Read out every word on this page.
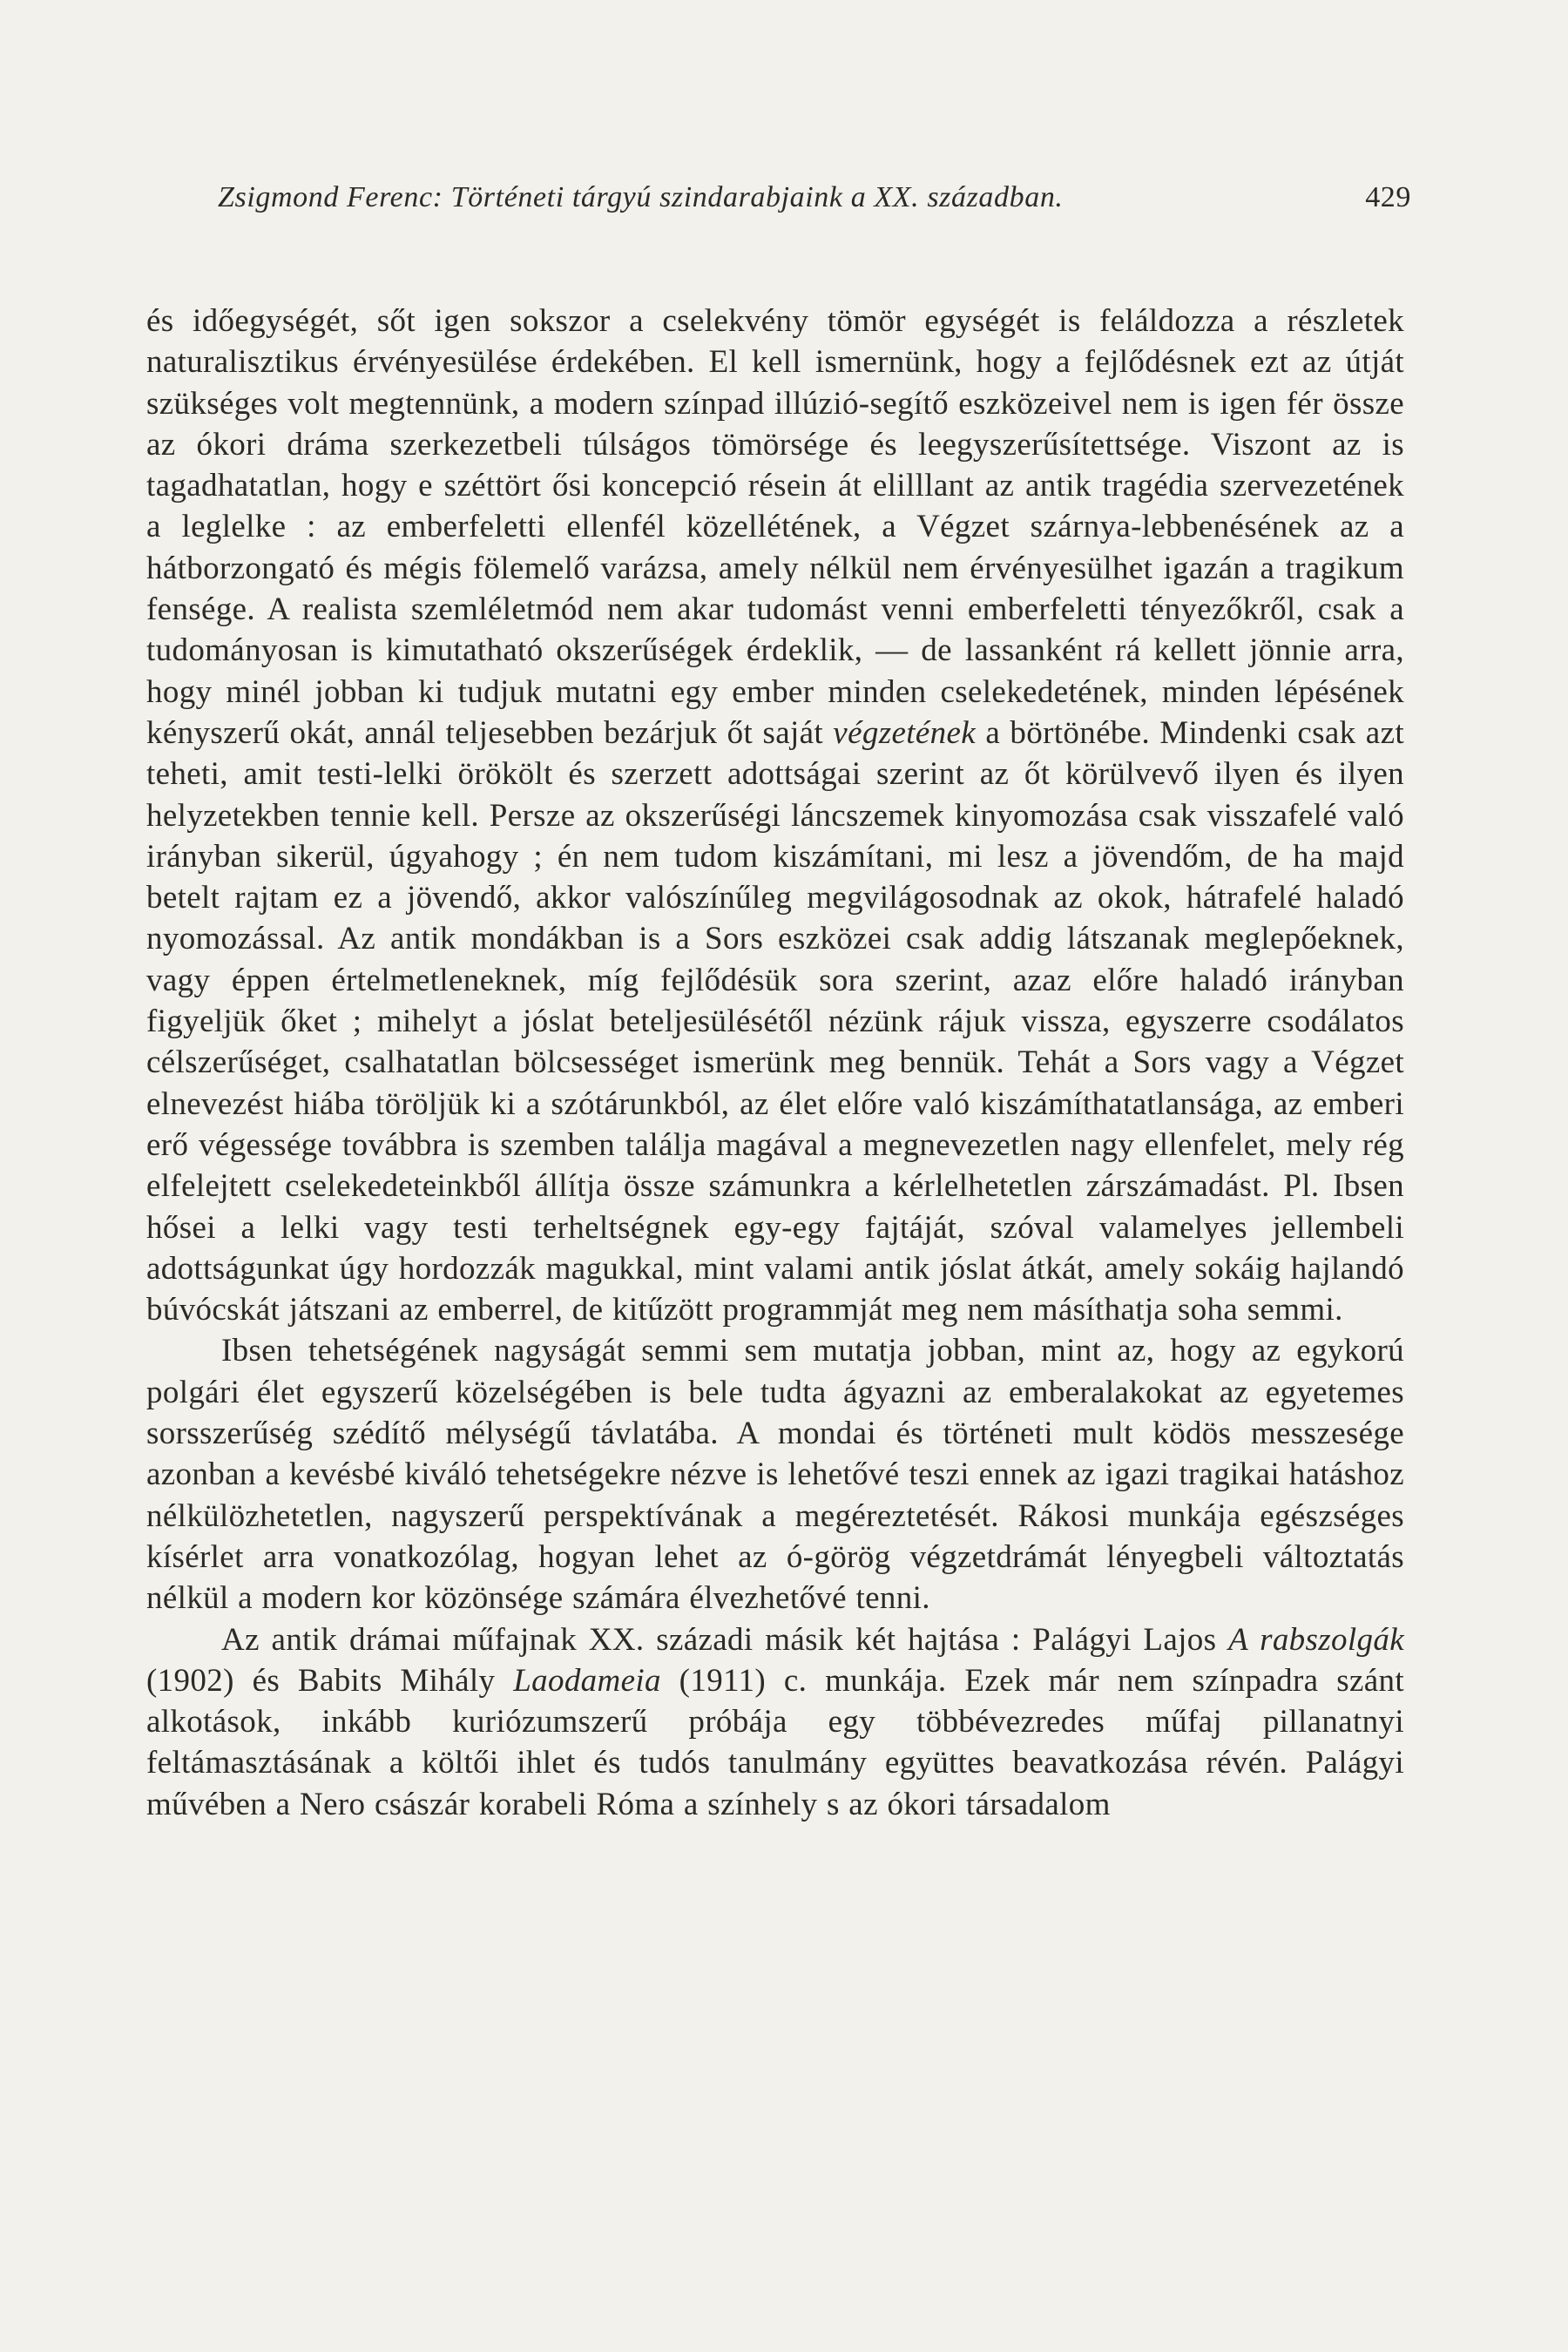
Zsigmond Ferenc: Történeti tárgyú szindarabjaink a XX. században.	429

és időegységét, sőt igen sokszor a cselekvény tömör egységét is feláldozza a részletek naturalisztikus érvényesülése érdekében. El kell ismernünk, hogy a fejlődésnek ezt az útját szükséges volt megtennünk, a modern színpad illúzió-segítő eszközeivel nem is igen fér össze az ókori dráma szerkezetbeli túlságos tömörsége és leegyszerűsítettsége. Viszont az is tagadhatatlan, hogy e széttört ősi koncepció résein át elilllant az antik tragédia szervezetének a leglelke : az emberfeletti ellenfél közellétének, a Végzet szárnya-lebbenésének az a hátborzongató és mégis fölemelő varázsa, amely nélkül nem érvényesülhet igazán a tragikum fensége. A realista szemléletmód nem akar tudomást venni emberfeletti tényezőkről, csak a tudományosan is kimutatható okszerűségek érdeklik, — de lassanként rá kellett jönnie arra, hogy minél jobban ki tudjuk mutatni egy ember minden cselekedetének, minden lépésének kényszerű okát, annál teljesebben bezárjuk őt saját végzetének a börtönébe. Mindenki csak azt teheti, amit testi-lelki örökölt és szerzett adottságai szerint az őt körülvevő ilyen és ilyen helyzetekben tennie kell. Persze az okszerűségi láncszemek kinyomozása csak visszafelé való irányban sikerül, úgyahogy ; én nem tudom kiszámítani, mi lesz a jövendőm, de ha majd betelt rajtam ez a jövendő, akkor valószínűleg megvilágosodnak az okok, hátrafelé haladó nyomozással. Az antik mondákban is a Sors eszközei csak addig látszanak meglepőeknek, vagy éppen értelmetleneknek, míg fejlődésük sora szerint, azaz előre haladó irányban figyeljük őket ; mihelyt a jóslat beteljesülésétől nézünk rájuk vissza, egyszerre csodálatos célszerűséget, csalhatatlan bölcsességet ismerünk meg bennük. Tehát a Sors vagy a Végzet elnevezést hiába töröljük ki a szótárunkból, az élet előre való kiszámíthatatlansága, az emberi erő végessége továbbra is szemben találja magával a megnevezetlen nagy ellenfelet, mely rég elfelejtett cselekedeteinkből állítja össze számunkra a kérlelhetetlen zárszámadást. Pl. Ibsen hősei a lelki vagy testi terheltségnek egy-egy fajtáját, szóval valamelyes jellembeli adottságunkat úgy hordozzák magukkal, mint valami antik jóslat átkát, amely sokáig hajlandó búvócskát játszani az emberrel, de kitűzött programmját meg nem másíthatja soha semmi.

Ibsen tehetségének nagyságát semmi sem mutatja jobban, mint az, hogy az egykorú polgári élet egyszerű közelségében is bele tudta ágyazni az emberalakokat az egyetemes sorsszerűség szédítő mélységű távlatába. A mondai és történeti mult ködös messzesége azonban a kevésbé kiváló tehetségekre nézve is lehetővé teszi ennek az igazi tragikai hatáshoz nélkülözhetetlen, nagyszerű perspektívának a megéreztetését. Rákosi munkája egészséges kísérlet arra vonatkozólag, hogyan lehet az ó-görög végzetdrámát lényegbeli változtatás nélkül a modern kor közönsége számára élvezhetővé tenni.

Az antik drámai műfajnak XX. századi másik két hajtása : Palágyi Lajos A rabszolgák (1902) és Babits Mihály Laodameia (1911) c. munkája. Ezek már nem színpadra szánt alkotások, inkább kuriózumszerű próbája egy többévezredes műfaj pillanatnyi feltámasztásának a költői ihlet és tudós tanulmány együttes beavatkozása révén. Palágyi művében a Nero császár korabeli Róma a színhely s az ókori társadalom
